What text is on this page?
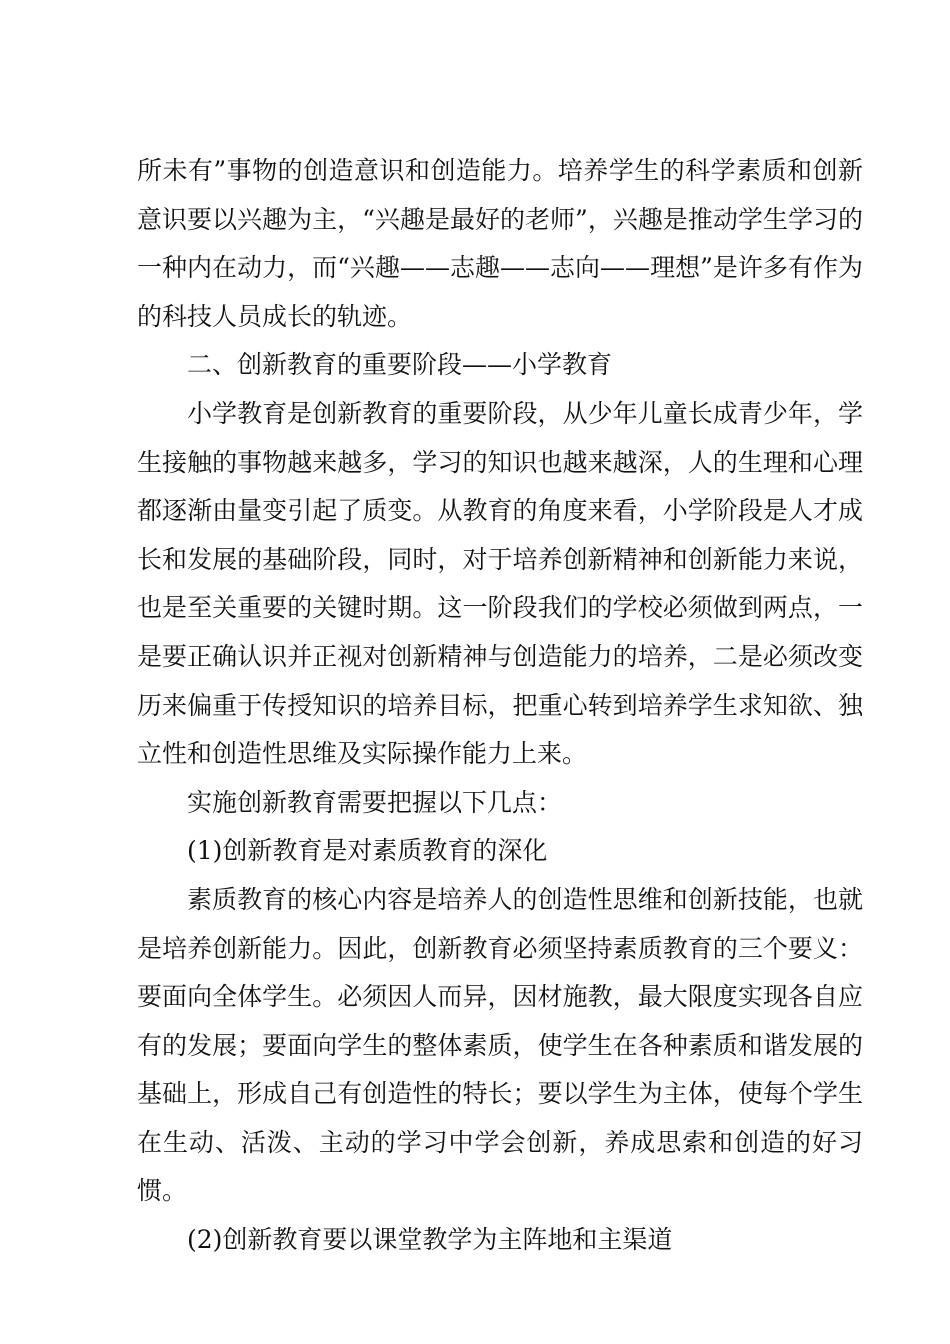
所未有”事物的创造意识和创造能力。培养学生的科学素质和创新意识要以兴趣为主，“兴趣是最好的老师”，兴趣是推动学生学习的一种内在动力，而“兴趣——志趣——志向——理想”是许多有作为的科技人员成长的轨迹。

二、创新教育的重要阶段——小学教育

小学教育是创新教育的重要阶段，从少年儿童长成青少年，学生接触的事物越来越多，学习的知识也越来越深，人的生理和心理都逐渐由量变引起了质变。从教育的角度来看，小学阶段是人才成长和发展的基础阶段，同时，对于培养创新精神和创新能力来说，也是至关重要的关键时期。这一阶段我们的学校必须做到两点，一是要正确认识并正视对创新精神与创造能力的培养，二是必须改变历来偏重于传授知识的培养目标，把重心转到培养学生求知欲、独立性和创造性思维及实际操作能力上来。

实施创新教育需要把握以下几点：

(1)创新教育是对素质教育的深化

素质教育的核心内容是培养人的创造性思维和创新技能，也就是培养创新能力。因此，创新教育必须坚持素质教育的三个要义：要面向全体学生。必须因人而异，因材施教，最大限度实现各自应有的发展；要面向学生的整体素质，使学生在各种素质和谐发展的基础上，形成自己有创造性的特长；要以学生为主体，使每个学生在生动、活泼、主动的学习中学会创新，养成思索和创造的好习惯。

(2)创新教育要以课堂教学为主阵地和主渠道
